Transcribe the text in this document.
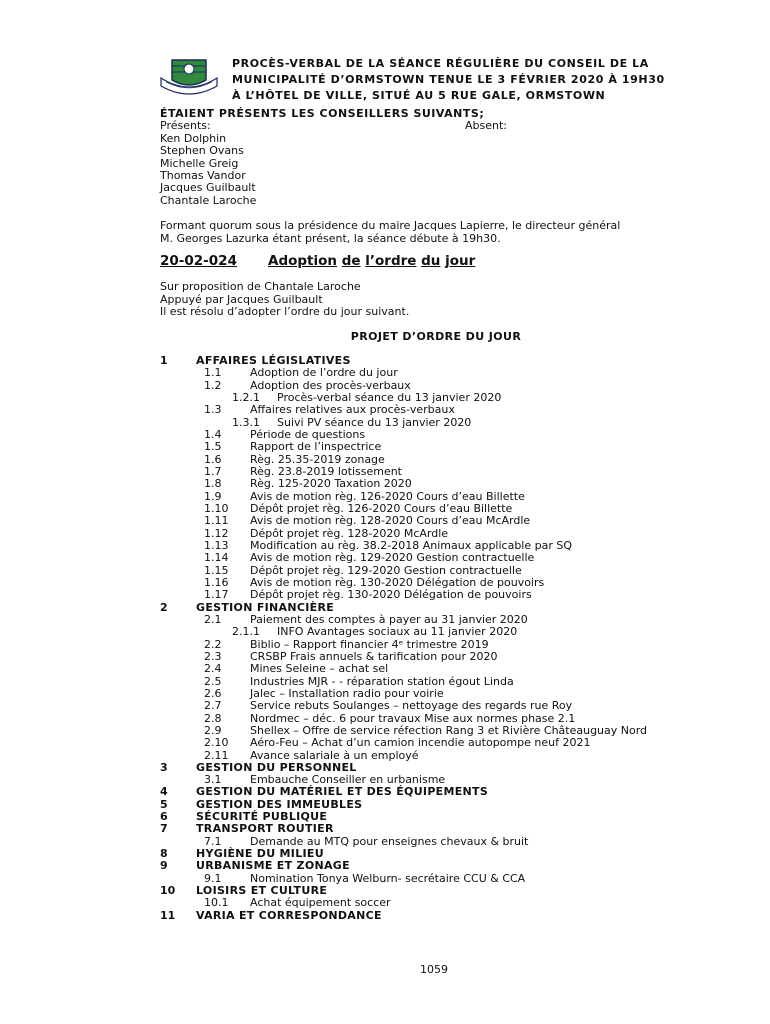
PROCÈS-VERBAL DE LA SÉANCE RÉGULIÈRE DU CONSEIL DE LA
MUNICIPALITÉ D’ORMSTOWN TENUE LE 3 FÉVRIER 2020 À 19H30
À L’HÔTEL DE VILLE, SITUÉ AU 5 RUE GALE, ORMSTOWN
ÉTAIENT PRÉSENTS LES CONSEILLERS SUIVANTS;
Présents:	Absent:
Ken Dolphin
Stephen Ovans
Michelle Greig
Thomas Vandor
Jacques Guilbault
Chantale Laroche
Formant quorum sous la présidence du maire Jacques Lapierre, le directeur général
M. Georges Lazurka étant présent, la séance débute à 19h30.
20-02-024 Adoption de l’ordre du jour
Sur proposition de Chantale Laroche
Appuyé par Jacques Guilbault
Il est résolu d’adopter l’ordre du jour suivant.
PROJET D’ORDRE DU JOUR
1	AFFAIRES LÉGISLATIVES
1.1	Adoption de l’ordre du jour
1.2	Adoption des procès-verbaux
1.2.1 Procès-verbal séance du 13 janvier 2020
1.3	Affaires relatives aux procès-verbaux
1.3.1 Suivi PV séance du 13 janvier 2020
1.4	Période de questions
1.5	Rapport de l’inspectrice
1.6	Règ. 25.35-2019 zonage
1.7	Règ. 23.8-2019 lotissement
1.8	Règ. 125-2020 Taxation 2020
1.9	Avis de motion règ. 126-2020 Cours d’eau Billette
1.10 Dépôt projet règ. 126-2020 Cours d’eau Billette
1.11 Avis de motion règ. 128-2020 Cours d’eau McArdle
1.12 Dépôt projet règ. 128-2020 McArdle
1.13 Modification au règ. 38.2-2018 Animaux applicable par SQ
1.14 Avis de motion règ. 129-2020 Gestion contractuelle
1.15 Dépôt projet règ. 129-2020 Gestion contractuelle
1.16 Avis de motion règ. 130-2020 Délégation de pouvoirs
1.17 Dépôt projet règ. 130-2020 Délégation de pouvoirs
2	GESTION FINANCIÈRE
2.1	Paiement des comptes à payer au 31 janvier 2020
2.1.1 INFO Avantages sociaux au 11 janvier 2020
2.2	Biblio – Rapport financier 4ᵉ trimestre 2019
2.3	CRSBP Frais annuels & tarification pour 2020
2.4	Mines Seleine – achat sel
2.5	Industries MJR - - réparation station égout Linda
2.6	Jalec – Installation radio pour voirie
2.7	Service rebuts Soulanges – nettoyage des regards rue Roy
2.8	Nordmec – déc. 6 pour travaux Mise aux normes phase 2.1
2.9	Shellex – Offre de service réfection Rang 3 et Rivière Châteauguay Nord
2.10 Aéro-Feu – Achat d’un camion incendie autopompe neuf 2021
2.11 Avance salariale à un employé
3	GESTION DU PERSONNEL
3.1	Embauche Conseiller en urbanisme
4	GESTION DU MATÉRIEL ET DES ÉQUIPEMENTS
5	GESTION DES IMMEUBLES
6	SÉCURITÉ PUBLIQUE
7	TRANSPORT ROUTIER
7.1	Demande au MTQ pour enseignes chevaux & bruit
8	HYGIÈNE DU MILIEU
9	URBANISME ET ZONAGE
9.1	Nomination Tonya Welburn- secrétaire CCU & CCA
10 LOISIRS ET CULTURE
10.1 Achat équipement soccer
11 VARIA ET CORRESPONDANCE
1059
